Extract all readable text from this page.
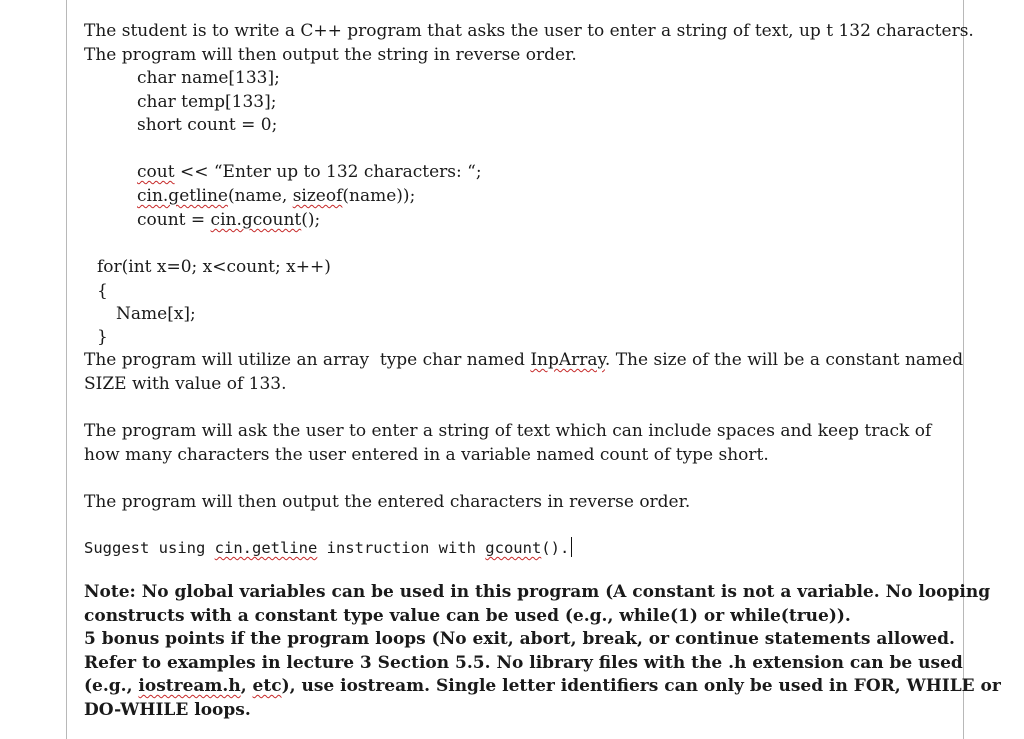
The student is to write a C++ program that asks the user to enter a string of text, up t 132 characters.
The program will then output the string in reverse order.
char name[133];
char temp[133];
short count = 0;
cout << “Enter up to 132 characters: “;
cin.getline(name, sizeof(name));
count = cin.gcount();
for(int x=0; x<count; x++)
{
Name[x];
}
The program will utilize an array  type char named InpArray. The size of the will be a constant named
SIZE with value of 133.
The program will ask the user to enter a string of text which can include spaces and keep track of
how many characters the user entered in a variable named count of type short.
The program will then output the entered characters in reverse order.
Suggest using cin.getline instruction with gcount().
Note: No global variables can be used in this program (A constant is not a variable. No looping
constructs with a constant type value can be used (e.g., while(1) or while(true)).
5 bonus points if the program loops (No exit, abort, break, or continue statements allowed.
Refer to examples in lecture 3 Section 5.5. No library files with the .h extension can be used
(e.g., iostream.h, etc), use iostream. Single letter identifiers can only be used in FOR, WHILE or
DO-WHILE loops.
